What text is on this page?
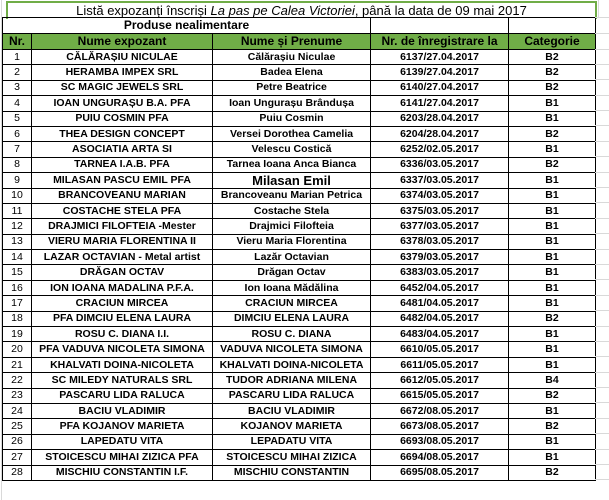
Listă expozanți înscriși La pas pe Calea Victoriei, până la data de 09 mai 2017
Produse nealimentare				
Nr.	Nume expozant	Nume și Prenume	Nr. de înregistrare la	Categorie
1	CĂLĂRAȘIU NICULAE	Călărașiu Niculae	6137/27.04.2017	B2
2	HERAMBA IMPEX SRL	Badea Elena	6139/27.04.2017	B2
3	SC MAGIC JEWELS SRL	Petre Beatrice	6140/27.04.2017	B2
4	IOAN UNGURAȘU B.A. PFA	Ioan Ungurașu Brândușa	6141/27.04.2017	B1
5	PUIU COSMIN PFA	Puiu Cosmin	6203/28.04.2017	B1
6	THEA DESIGN CONCEPT	Versei Dorothea Camelia	6204/28.04.2017	B2
7	ASOCIATIA ARTA SI	Velescu Costică	6252/02.05.2017	B1
8	TARNEA I.A.B. PFA	Tarnea Ioana Anca Bianca	6336/03.05.2017	B2
9	MILASAN PASCU EMIL PFA	Milasan Emil	6337/03.05.2017	B1
10	BRANCOVEANU MARIAN	Brancoveanu Marian Petrica	6374/03.05.2017	B1
11	COSTACHE STELA PFA	Costache Stela	6375/03.05.2017	B1
12	DRAJMICI FILOFTEIA -Mester	Drajmici Filofteia	6377/03.05.2017	B1
13	VIERU MARIA FLORENTINA II	Vieru Maria Florentina	6378/03.05.2017	B1
14	LAZAR OCTAVIAN - Metal artist	Lazăr Octavian	6379/03.05.2017	B1
15	DRĂGAN OCTAV	Drăgan Octav	6383/03.05.2017	B1
16	ION IOANA MADALINA P.F.A.	Ion Ioana Mădălina	6452/04.05.2017	B1
17	CRACIUN MIRCEA	CRACIUN MIRCEA	6481/04.05.2017	B1
18	PFA DIMCIU ELENA LAURA	DIMCIU ELENA LAURA	6482/04.05.2017	B2
19	ROSU C. DIANA I.I.	ROSU C. DIANA	6483/04.05.2017	B1
20	PFA VADUVA NICOLETA SIMONA	VADUVA NICOLETA SIMONA	6610/05.05.2017	B1
21	KHALVATI DOINA-NICOLETA	KHALVATI DOINA-NICOLETA	6611/05.05.2017	B1
22	SC MILEDY NATURALS SRL	TUDOR ADRIANA MILENA	6612/05.05.2017	B4
23	PASCARU LIDA RALUCA	PASCARU LIDA RALUCA	6615/05.05.2017	B2
24	BACIU VLADIMIR	BACIU VLADIMIR	6672/08.05.2017	B1
25	PFA KOJANOV MARIETA	KOJANOV MARIETA	6673/08.05.2017	B2
26	LAPEDATU VITA	LEPADATU VITA	6693/08.05.2017	B1
27	STOICESCU MIHAI ZIZICA PFA	STOICESCU MIHAI ZIZICA	6694/08.05.2017	B1
28	MISCHIU CONSTANTIN I.F.	MISCHIU CONSTANTIN	6695/08.05.2017	B2
